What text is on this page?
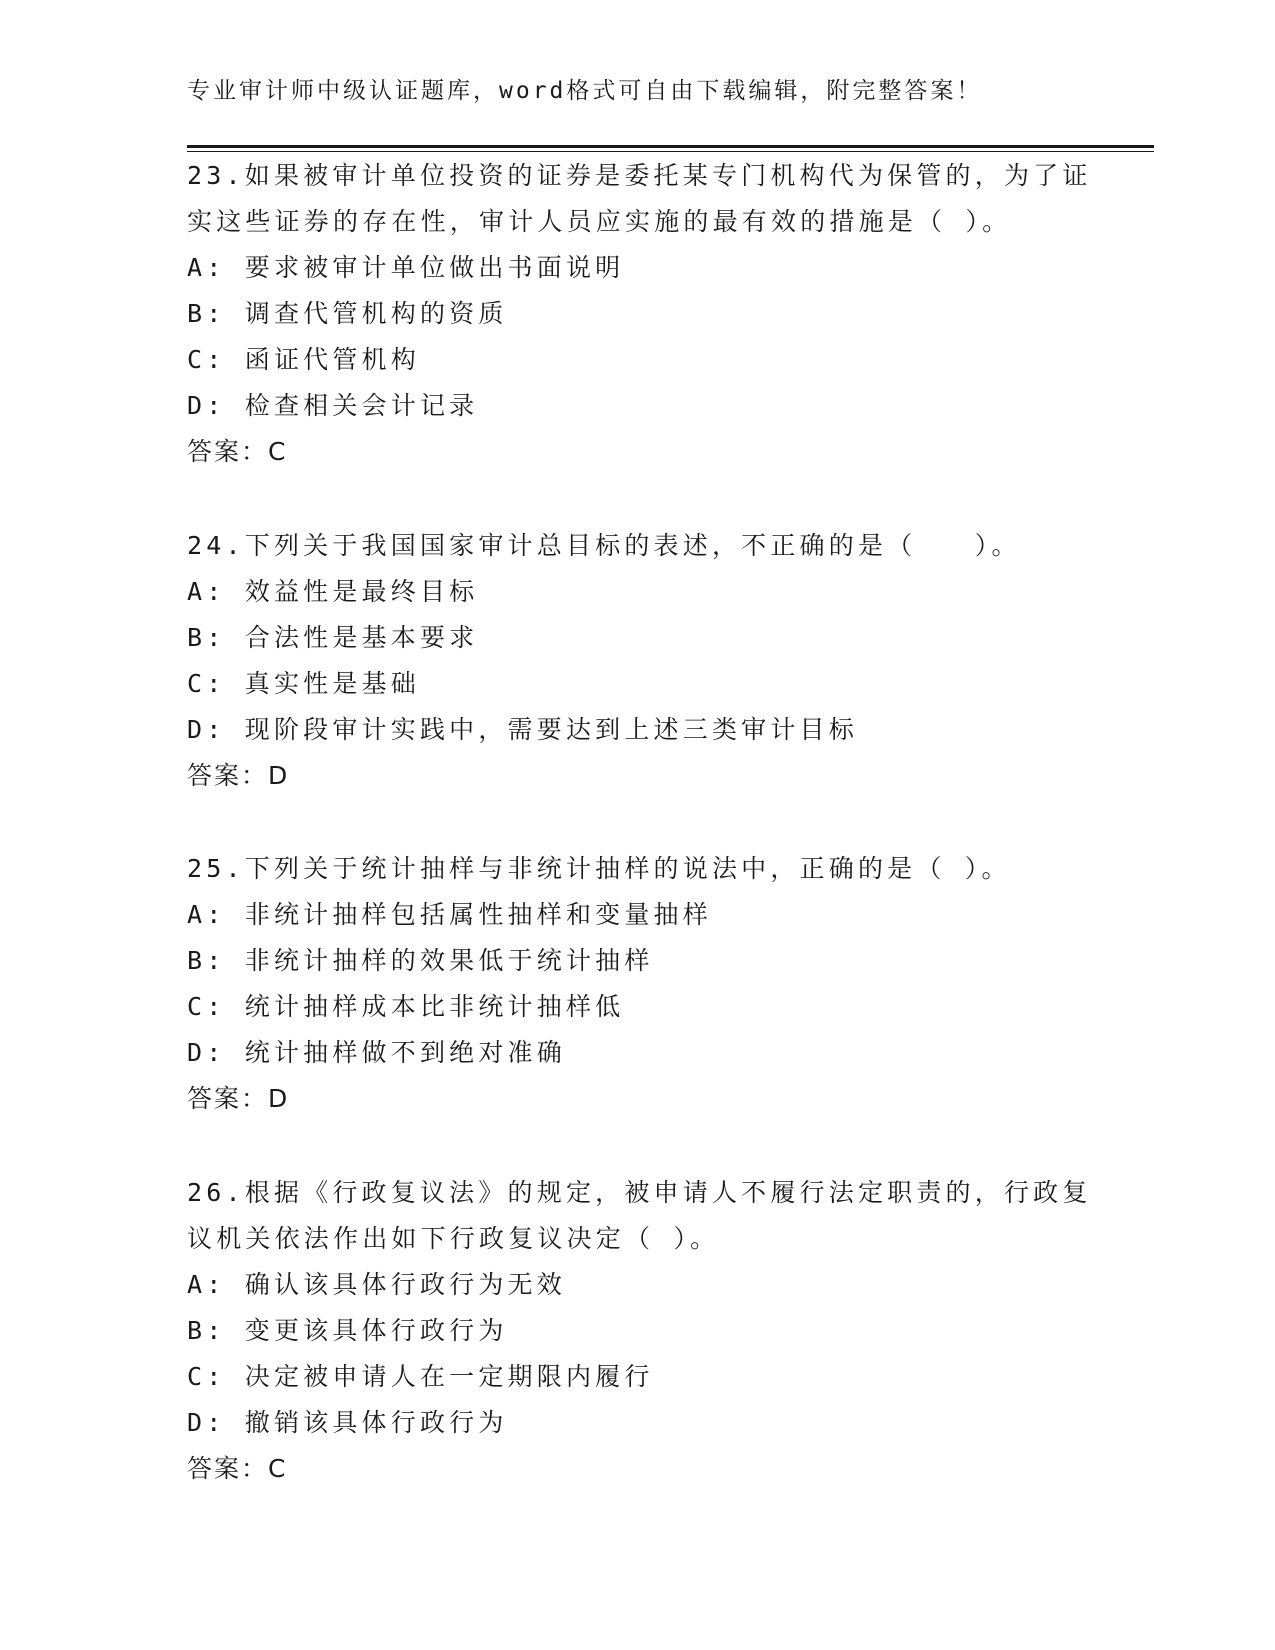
专业审计师中级认证题库，word格式可自由下载编辑，附完整答案！
23.如果被审计单位投资的证券是委托某专门机构代为保管的，为了证
实这些证券的存在性，审计人员应实施的最有效的措施是（ ）。
A: 要求被审计单位做出书面说明
B: 调查代管机构的资质
C: 函证代管机构
D: 检查相关会计记录
答案：C
24.下列关于我国国家审计总目标的表述，不正确的是（　　）。
A: 效益性是最终目标
B: 合法性是基本要求
C: 真实性是基础
D: 现阶段审计实践中，需要达到上述三类审计目标
答案：D
25.下列关于统计抽样与非统计抽样的说法中，正确的是（ ）。
A: 非统计抽样包括属性抽样和变量抽样
B: 非统计抽样的效果低于统计抽样
C: 统计抽样成本比非统计抽样低
D: 统计抽样做不到绝对准确
答案：D
26.根据《行政复议法》的规定，被申请人不履行法定职责的，行政复
议机关依法作出如下行政复议决定（ ）。
A: 确认该具体行政行为无效
B: 变更该具体行政行为
C: 决定被申请人在一定期限内履行
D: 撤销该具体行政行为
答案：C
